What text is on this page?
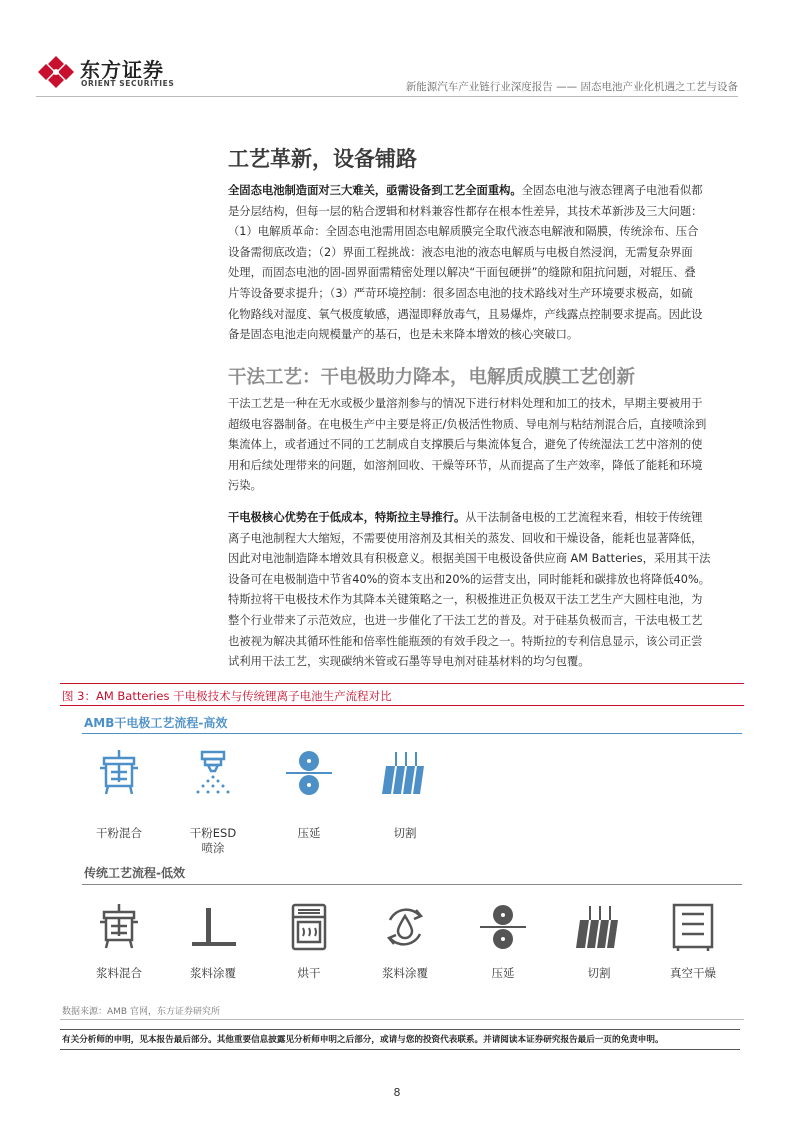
东方证券
ORIENT SECURITIES	新能源汽车产业链行业深度报告 —— 固态电池产业化机遇之工艺与设备
工艺革新，设备铺路
全固态电池制造面对三大难关，亟需设备到工艺全面重构。全固态电池与液态锂离子电池看似都
是分层结构，但每一层的粘合逻辑和材料兼容性都存在根本性差异，其技术革新涉及三大问题：
（1）电解质革命：全固态电池需用固态电解质膜完全取代液态电解液和隔膜，传统涂布、压合
设备需彻底改造；（2）界面工程挑战：液态电池的液态电解质与电极自然浸润，无需复杂界面
处理，而固态电池的固-固界面需精密处理以解决“干面包硬拼”的缝隙和阻抗问题，对辊压、叠
片等设备要求提升；（3）严苛环境控制：很多固态电池的技术路线对生产环境要求极高，如硫
化物路线对湿度、氧气极度敏感，遇湿即释放毒气，且易爆炸，产线露点控制要求提高。因此设
备是固态电池走向规模量产的基石，也是未来降本增效的核心突破口。
干法工艺：干电极助力降本，电解质成膜工艺创新
干法工艺是一种在无水或极少量溶剂参与的情况下进行材料处理和加工的技术，早期主要被用于
超级电容器制备。在电极生产中主要是将正/负极活性物质、导电剂与粘结剂混合后，直接喷涂到
集流体上，或者通过不同的工艺制成自支撑膜后与集流体复合，避免了传统湿法工艺中溶剂的使
用和后续处理带来的问题，如溶剂回收、干燥等环节，从而提高了生产效率，降低了能耗和环境
污染。
干电极核心优势在于低成本，特斯拉主导推行。从干法制备电极的工艺流程来看，相较于传统锂
离子电池制程大大缩短，不需要使用溶剂及其相关的蒸发、回收和干燥设备，能耗也显著降低，
因此对电池制造降本增效具有积极意义。根据美国干电极设备供应商 AM Batteries，采用其干法
设备可在电极制造中节省40%的资本支出和20%的运营支出，同时能耗和碳排放也将降低40%。
特斯拉将干电极技术作为其降本关键策略之一，积极推进正负极双干法工艺生产大圆柱电池，为
整个行业带来了示范效应，也进一步催化了干法工艺的普及。对于硅基负极而言，干法电极工艺
也被视为解决其循环性能和倍率性能瓶颈的有效手段之一。特斯拉的专利信息显示，该公司正尝
试利用干法工艺，实现碳纳米管或石墨等导电剂对硅基材料的均匀包覆。
图 3：AM Batteries 干电极技术与传统锂离子电池生产流程对比
AMB干电极工艺流程-高效
干粉混合	干粉ESD
喷涂
压延	切割
传统工艺流程-低效
浆料混合	浆料涂覆	烘干	浆料涂覆	压延	切割	真空干燥
数据来源：AMB 官网，东方证券研究所
有关分析师的申明，见本报告最后部分。其他重要信息披露见分析师申明之后部分，或请与您的投资代表联系。并请阅读本证券研究报告最后一页的免责申明。
8
